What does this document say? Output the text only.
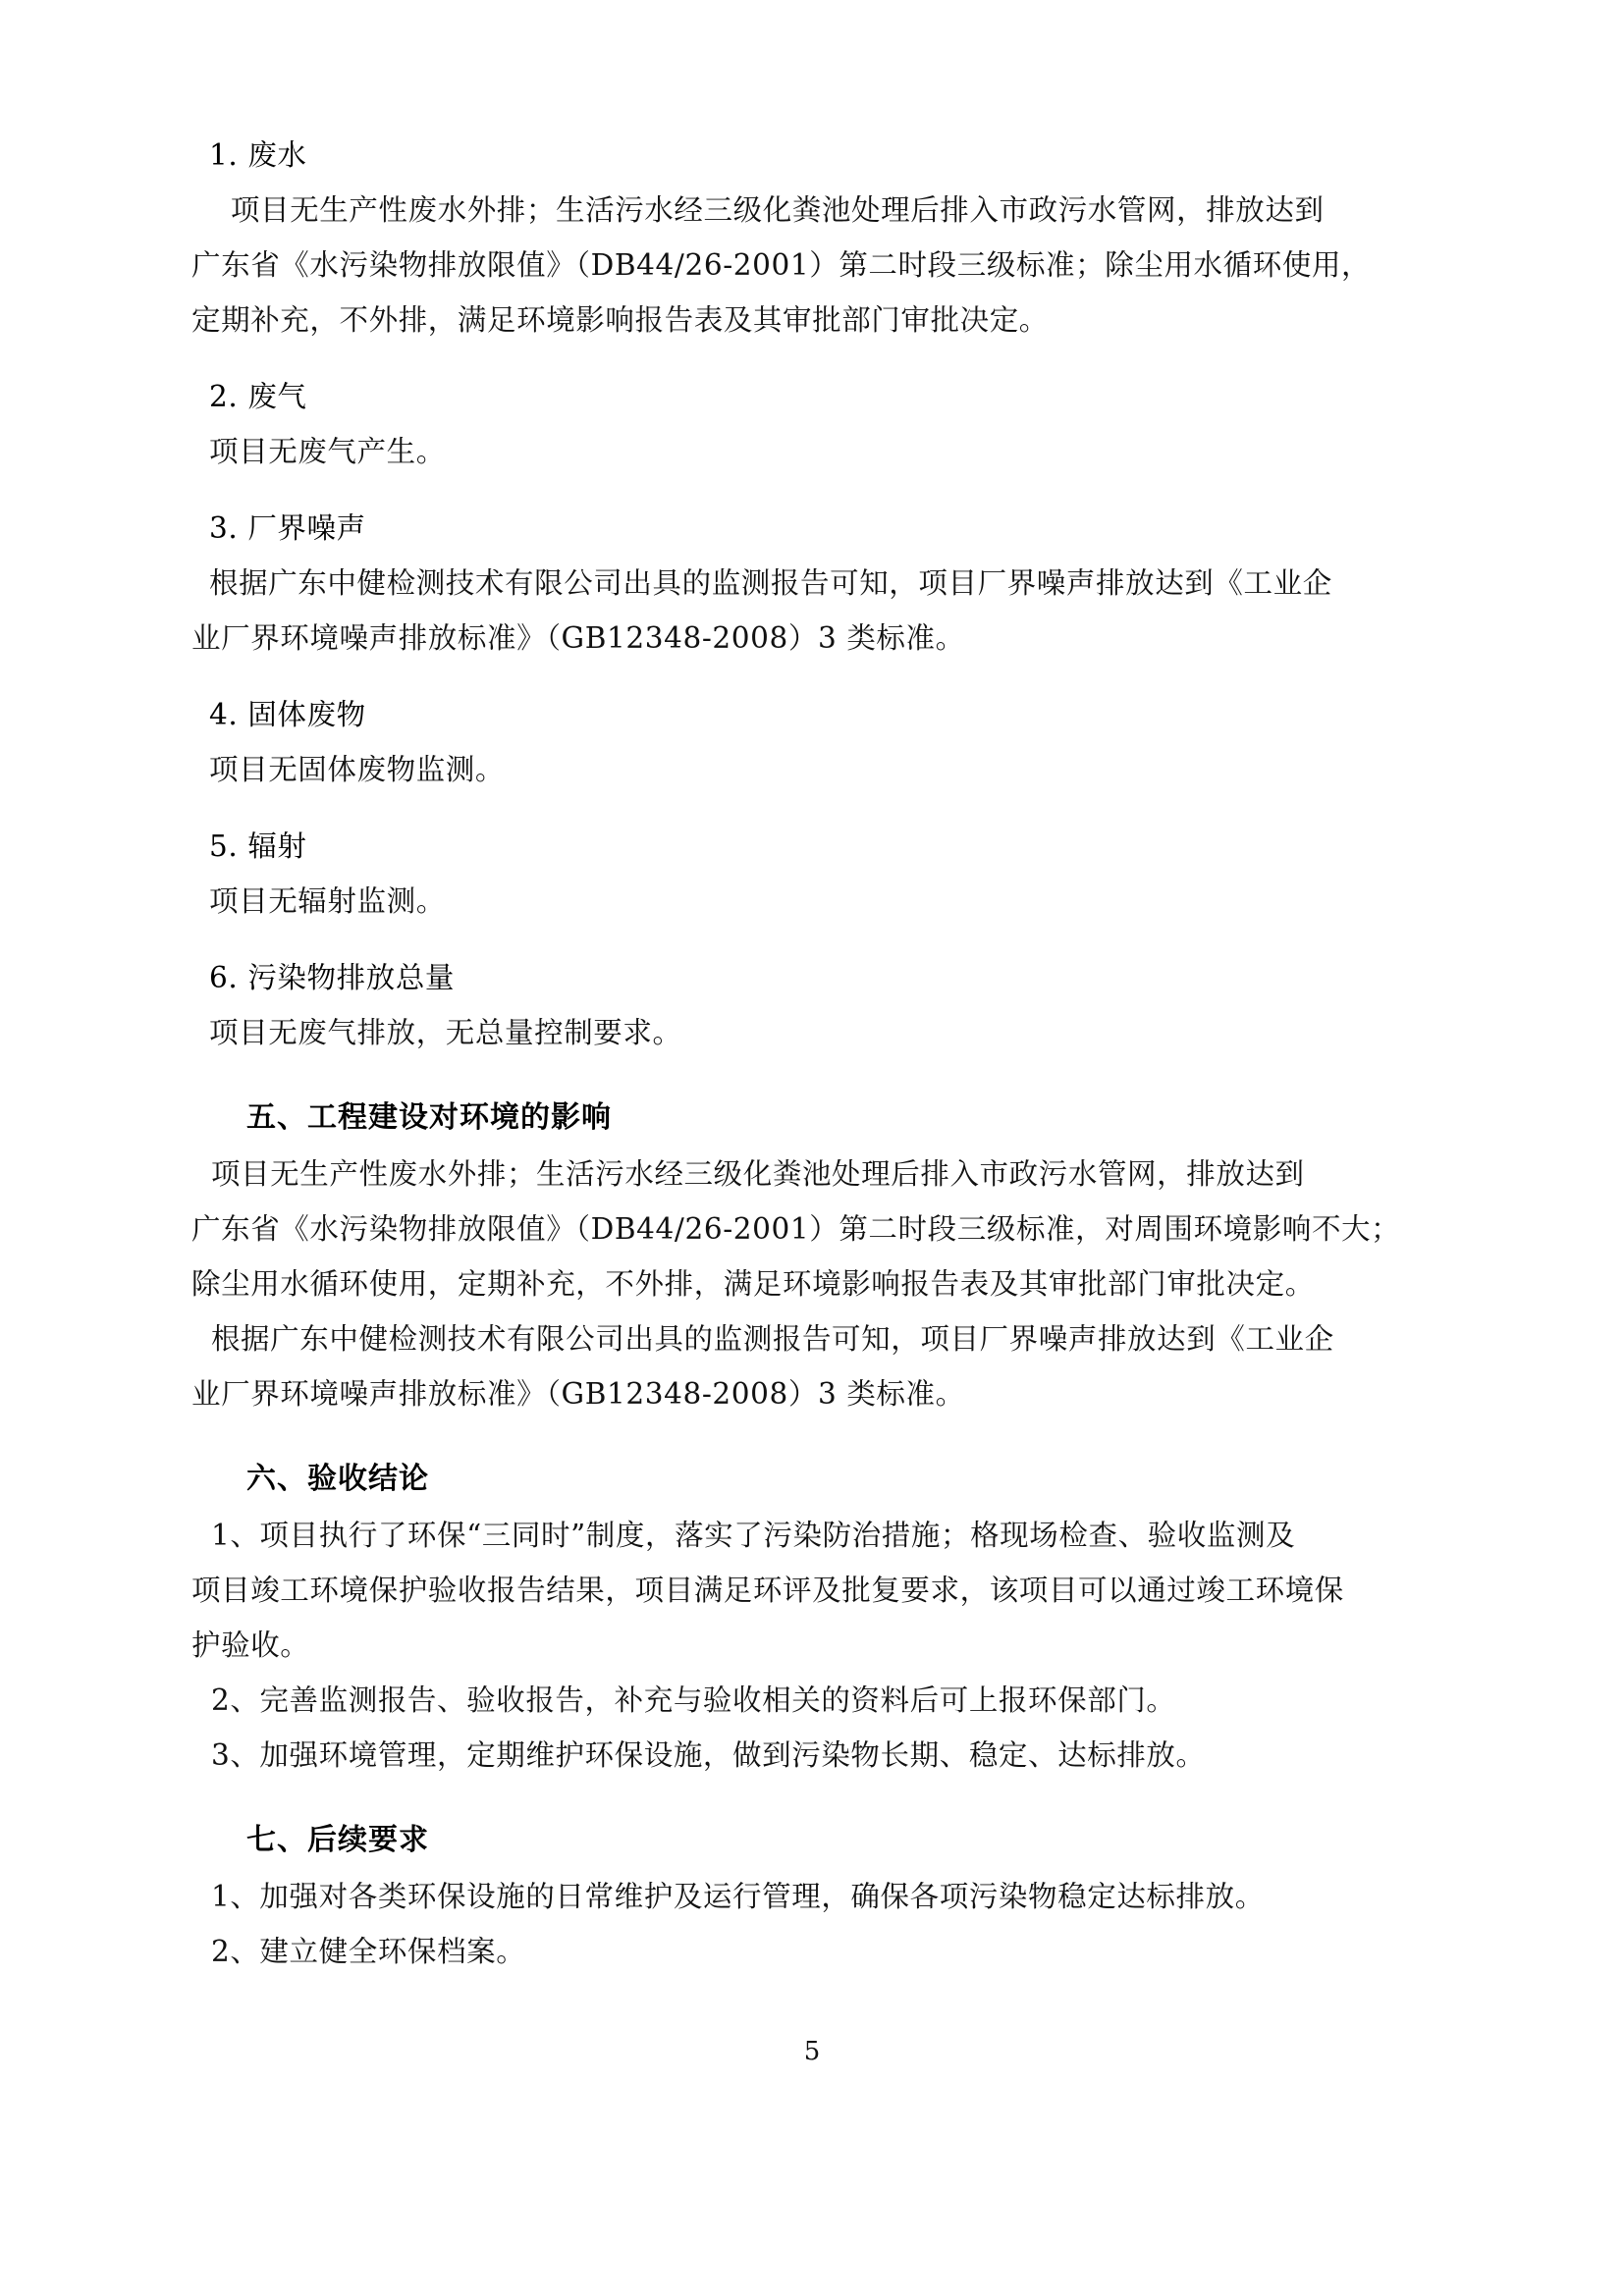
1. 废水
项目无生产性废水外排；生活污水经三级化粪池处理后排入市政污水管网，排放达到
广东省《水污染物排放限值》（DB44/26-2001）第二时段三级标准；除尘用水循环使用，
定期补充，不外排，满足环境影响报告表及其审批部门审批决定。
2. 废气
项目无废气产生。
3. 厂界噪声
根据广东中健检测技术有限公司出具的监测报告可知，项目厂界噪声排放达到《工业企
业厂界环境噪声排放标准》（GB12348-2008）3 类标准。
4. 固体废物
项目无固体废物监测。
5. 辐射
项目无辐射监测。
6. 污染物排放总量
项目无废气排放，无总量控制要求。
五、工程建设对环境的影响
项目无生产性废水外排；生活污水经三级化粪池处理后排入市政污水管网，排放达到
广东省《水污染物排放限值》（DB44/26-2001）第二时段三级标准，对周围环境影响不大；
除尘用水循环使用，定期补充，不外排，满足环境影响报告表及其审批部门审批决定。
根据广东中健检测技术有限公司出具的监测报告可知，项目厂界噪声排放达到《工业企
业厂界环境噪声排放标准》（GB12348-2008）3 类标准。
六、验收结论
1、项目执行了环保“三同时”制度，落实了污染防治措施；格现场检查、验收监测及
项目竣工环境保护验收报告结果，项目满足环评及批复要求，该项目可以通过竣工环境保
护验收。
2、完善监测报告、验收报告，补充与验收相关的资料后可上报环保部门。
3、加强环境管理，定期维护环保设施，做到污染物长期、稳定、达标排放。
七、后续要求
1、加强对各类环保设施的日常维护及运行管理，确保各项污染物稳定达标排放。
2、建立健全环保档案。
5
